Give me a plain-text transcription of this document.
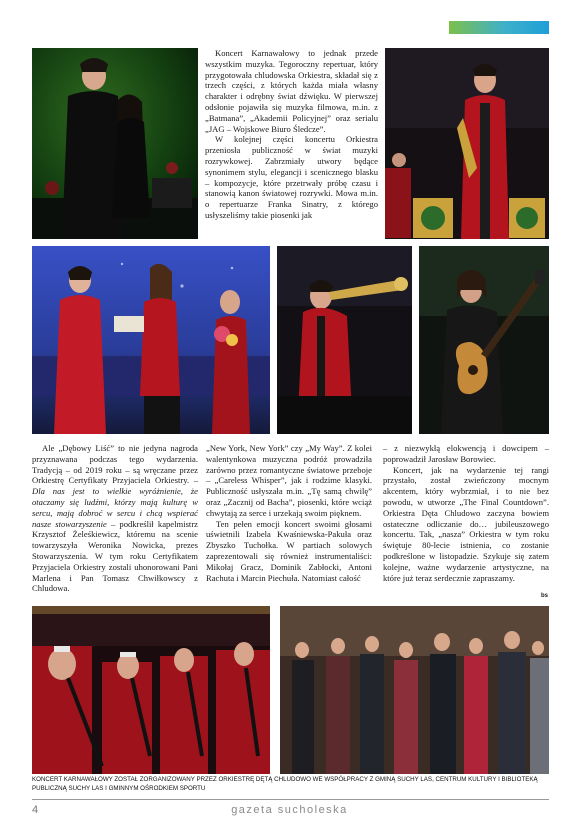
Koncert Karnawałowy to jednak przede wszystkim muzyka. Tegoroczny repertuar, który przygotowała chludowska Orkiestra, składał się z trzech części, z których każda miała własny charakter i odrębny świat dźwięku. W pierwszej odsłonie pojawiła się muzyka filmowa, m.in. z „Batmana”, „Akademii Policyjnej” oraz serialu „JAG – Wojskowe Biuro Śledcze”.

W kolejnej części koncertu Orkiestra przeniosła publiczność w świat muzyki rozrywkowej. Zabrzmiały utwory będące synonimem stylu, elegancji i scenicznego blasku – kompozycje, które przetrwały próbę czasu i stanowią kanon światowej rozrywki. Mowa m.in. o repertuarze Franka Sinatry, z którego usłyszeliśmy takie piosenki jak

Ale „Dębowy Liść” to nie jedyna nagroda przyznawana podczas tego wydarzenia. Tradycją – od 2019 roku – są wręczane przez Orkiestrę Certyfikaty Przyjaciela Orkiestry. – Dla nas jest to wielkie wyróżnienie, że otaczamy się ludźmi, którzy mają kulturę w sercu, mają dobroć w sercu i chcą wspierać nasze stowarzyszenie – podkreślił kapelmistrz Krzysztof Żeleśkiewicz, któremu na scenie towarzyszyła Weronika Nowicka, prezes Stowarzyszenia. W tym roku Certyfikatem Przyjaciela Orkiestry zostali uhonorowani Pani Marlena i Pan Tomasz Chwiłkowscy z Chludowa.

„New York, New York” czy „My Way”. Z kolei walentynkowa muzyczna podróż prowadziła zarówno przez romantyczne światowe przeboje – „Careless Whisper”, jak i rodzime klasyki. Publiczność usłyszała m.in. „Tę samą chwilę” oraz „Zacznij od Bacha”, piosenki, które wciąż chwytają za serce i urzekają swoim pięknem.

Ten pełen emocji koncert swoimi głosami uświetnili Izabela Kwaśniewska-Pakuła oraz Zbyszko Tuchołka. W partiach solowych zaprezentowali się również instrumentaliści: Mikołaj Gracz, Dominik Zabłocki, Antoni Rachuta i Marcin Piechuła. Natomiast całość

– z niezwykłą elokwencją i dowcipem – poprowadził Jarosław Borowiec.

Koncert, jak na wydarzenie tej rangi przystało, został zwieńczony mocnym akcentem, który wybrzmiał, i to nie bez powodu, w utworze „The Final Countdown”. Orkiestra Dęta Chludowo zaczyna bowiem ostateczne odliczanie do… jubileuszowego koncertu. Tak, „nasza” Orkiestra w tym roku świętuje 80-lecie istnienia, co zostanie podkreślone w listopadzie. Szykuje się zatem kolejne, ważne wydarzenie artystyczne, na które już teraz serdecznie zapraszamy.

bs
KONCERT KARNAWAŁOWY ZOSTAŁ ZORGANIZOWANY PRZEZ ORKIESTRĘ DĘTĄ CHLUDOWO WE WSPÓŁPRACY Z GMINĄ SUCHY LAS, CENTRUM KULTURY I BIBLIOTEKĄ PUBLICZNĄ SUCHY LAS I GMINNYM OŚRODKIEM SPORTU
4	gazeta sucholeska
